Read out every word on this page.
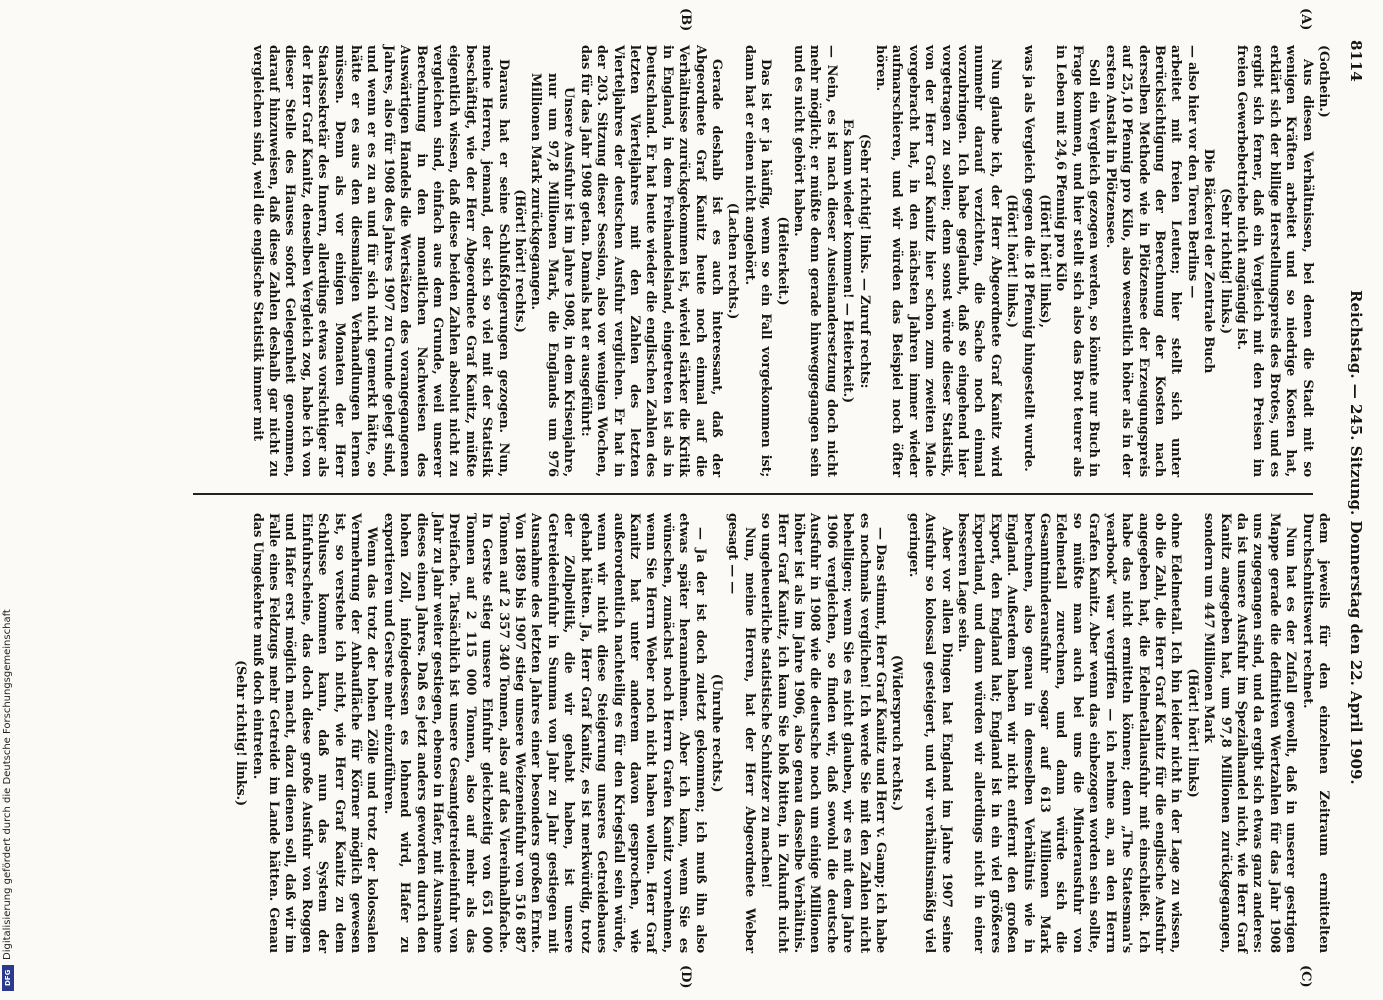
8114
Reichstag. — 245. Sitzung. Donnerstag den 22. April 1909.
(A)
(B)
(C)
(D)

(Gothein.)

Aus diesen Verhältnissen, bei denen die Stadt mit so wenigen Kräften arbeitet und so niedrige Kosten hat, erklärt sich der billige Herstellungspreis des Brotes, und es ergibt sich ferner, daß ein Vergleich mit den Preisen im freien Gewerbebetriebe nicht angängig ist.

(Sehr richtig! links.)

Die Bäckerei der Zentrale Buch

— also hier vor den Toren Berlins —

arbeitet mit freien Leuten; hier stellt sich unter Berücksichtigung der Berechnung der Kosten nach derselben Methode wie in Plötzensee der Erzeugungspreis auf 25,10 Pfennig pro Kilo, also wesentlich höher als in der ersten Anstalt in Plötzensee.

Soll ein Vergleich gezogen werden, so könnte nur Buch in Frage kommen, und hier stellt sich also das Brot teurer als in Leben mit 24,6 Pfennig pro Kilo

(Hört! hört! links),

was ja als Vergleich gegen die 18 Pfennig hingestellt wurde.

(Hört! hört! links.)

Nun glaube ich, der Herr Abgeordnete Graf Kanitz wird nunmehr darauf verzichten, die Sache noch einmal vorzubringen. Ich habe geglaubt, daß so eingehend hier vorgetragen zu sollen; denn sonst würde dieser Statistik, von der Herr Graf Kanitz hier schon zum zweiten Male vorgebracht hat, in den nächsten Jahren immer wieder aufmarschieren, und wir würden das Beispiel noch öfter hören.

(Sehr richtig! links. — Zuruf rechts:

Es kann wieder kommen! — Heiterkeit.)

— Nein, es ist nach dieser Auseinandersetzung doch nicht mehr möglich; er müßte denn gerade hinweggegangen sein und es nicht gehört haben.

(Heiterkeit.)

Das ist er ja häufig, wenn so ein Fall vorgekommen ist; dann hat er einen nicht angehört.

(Lachen rechts.)

Gerade deshalb ist es auch interessant, daß der Abgeordnete Graf Kanitz heute noch einmal auf die Verhältnisse zurückgekommen ist, wieviel stärker die Kritik in England, in dem Freihandelsland, eingetreten ist als in Deutschland. Er hat heute wieder die englischen Zahlen des letzten Vierteljahres mit den Zahlen des letzten Vierteljahres der deutschen Ausfuhr verglichen. Er hat in der 203. Sitzung dieser Session, also vor wenigen Wochen, das für das Jahr 1908 getan. Damals hat er ausgeführt:

Unsere Ausfuhr ist im Jahre 1908, in dem Krisenjahre, nur um 97,8 Millionen Mark, die Englands um 976 Millionen Mark zurückgegangen.

(Hört! hört! rechts.)

Daraus hat er seine Schlußfolgerungen gezogen. Nun, meine Herren, jemand, der sich so viel mit der Statistik beschäftigt, wie der Herr Abgeordnete Graf Kanitz, müßte eigentlich wissen, daß diese beiden Zahlen absolut nicht zu vergleichen sind, einfach aus dem Grunde, weil unserer Berechnung in den monatlichen Nachweisen des Auswärtigen Handels die Wertsätzen des vorangegangenen Jahres, also für 1908 des Jahres 1907 zu Grunde gelegt sind, und wenn er es zu an und für sich nicht gemerkt hätte, so hätte er es aus den diesmaligen Verhandlungen lernen müssen. Denn als vor einigen Monaten der Herr Staatssekretär des Innern, allerdings etwas vorsichtiger als der Herr Graf Kanitz, denselben Vergleich zog, habe ich von dieser Stelle des Hauses sofort Gelegenheit genommen, darauf hinzuweisen, daß diese Zahlen deshalb gar nicht zu vergleichen sind, weil die englische Statistik immer mit

dem jeweils für den einzelnen Zeitraum ermittelten Durchschnittswert rechnet.

Nun hat es der Zufall gewollt, daß in unserer gestrigen Mappe gerade die definitiven Wertzahlen für das Jahr 1908 uns zugegangen sind, und da ergibt sich etwas ganz anderes: da ist unsere Ausfuhr im Spezialhandel nicht, wie Herr Graf Kanitz angegeben hat, um 97,8 Millionen zurückgegangen, sondern um 447 Millionen Mark

(Hört! hört! links)

ohne Edelmetall. Ich bin leider nicht in der Lage zu wissen, ob die Zahl, die Herr Graf Kanitz für die englische Ausfuhr angegeben hat, die Edelmetallausfuhr mit einschließt. Ich habe das nicht ermitteln können; denn „The Statesman's yearbook“ war vergriffen — ich nehme an, an den Herrn Grafen Kanitz. Aber wenn das einbezogen worden sein sollte, so müßte man auch bei uns die Minderausfuhr von Edelmetall zurechnen, und dann würde sich die Gesamtminderausfuhr sogar auf 613 Millionen Mark berechnen, also genau in demselben Verhältnis wie in England. Außerdem haben wir nicht entfernt den großen Export, den England hat; England ist in ein viel größeres Exportland, und dann würden wir allerdings nicht in einer besseren Lage sein.

Aber vor allen Dingen hat England im Jahre 1907 seine Ausfuhr so kolossal gesteigert, und wir verhältnismäßig viel geringer.

(Widerspruch rechts.)

— Das stimmt, Herr Graf Kanitz und Herr v. Gamp; ich habe es nochmals verglichen! Ich werde Sie mit den Zahlen nicht behelligen; wenn Sie es nicht glauben, wir es mit dem Jahre 1906 vergleichen, so finden wir, daß sowohl die deutsche Ausfuhr in 1908 wie die deutsche noch um einige Millionen höher ist als im Jahre 1906, also genau dasselbe Verhältnis. Herr Graf Kanitz, ich kann Sie bloß bitten, in Zukunft nicht so ungeheuerliche statistische Schnitzer zu machen!

Nun, meine Herren, hat der Herr Abgeordnete Weber gesagt — —

(Unruhe rechts.)

— Ja der ist doch zuletzt gekommen; ich muß ihn also etwas später herannehmen. Aber ich kann, wenn Sie es wünschen, zunächst noch Herrn Grafen Kanitz vornehmen, wenn Sie Herrn Weber noch nicht haben wollen. Herr Graf Kanitz hat unter anderem davon gesprochen, wie außerordentlich nachteilig es für den Kriegsfall sein würde, wenn wir nicht diese Steigerung unseres Getreidebaues gehabt hätten. Ja, Herr Graf Kanitz, es ist merkwürdig, trotz der Zollpolitik, die wir gehabt haben, ist unsere Getreideeinfuhr in Summa von Jahr zu Jahr gestiegen mit Ausnahme des letzten Jahres einer besonders großen Ernte. Von 1889 bis 1907 stieg unsere Weizeneinfuhr von 516 887 Tonnen auf 2 357 340 Tonnen, also auf das Viereinhalbfache. In Gerste stieg unsere Einfuhr gleichzeitig von 651 000 Tonnen auf 2 115 000 Tonnen, also auf mehr als das Dreifache. Tatsächlich ist unsere Gesamtgetreideeinfuhr von Jahr zu Jahr weiter gestiegen, ebenso in Hafer, mit Ausnahme dieses einen Jahres. Daß es jetzt anders geworden durch den hohen Zoll, infolgedessen es lohnend wird, Hafer zu exportieren und Gerste mehr einzuführen.

Wenn das trotz der hohen Zölle und trotz der kolossalen Vermehrung der Anbaufläche für Körner möglich gewesen ist, so verstehe ich nicht, wie Herr Graf Kanitz zu dem Schlusse kommen kann, daß nun das System der Einfuhrscheine, das doch diese große Ausfuhr von Roggen und Hafer erst möglich macht, dazu dienen soll, daß wir im Falle eines Feldzugs mehr Getreide im Lande hätten. Genau das Umgekehrte muß doch eintreten.

(Sehr richtig! links.)

Digitalisierung gefördert durch die Deutsche Forschungsgemeinschaft
DFG
